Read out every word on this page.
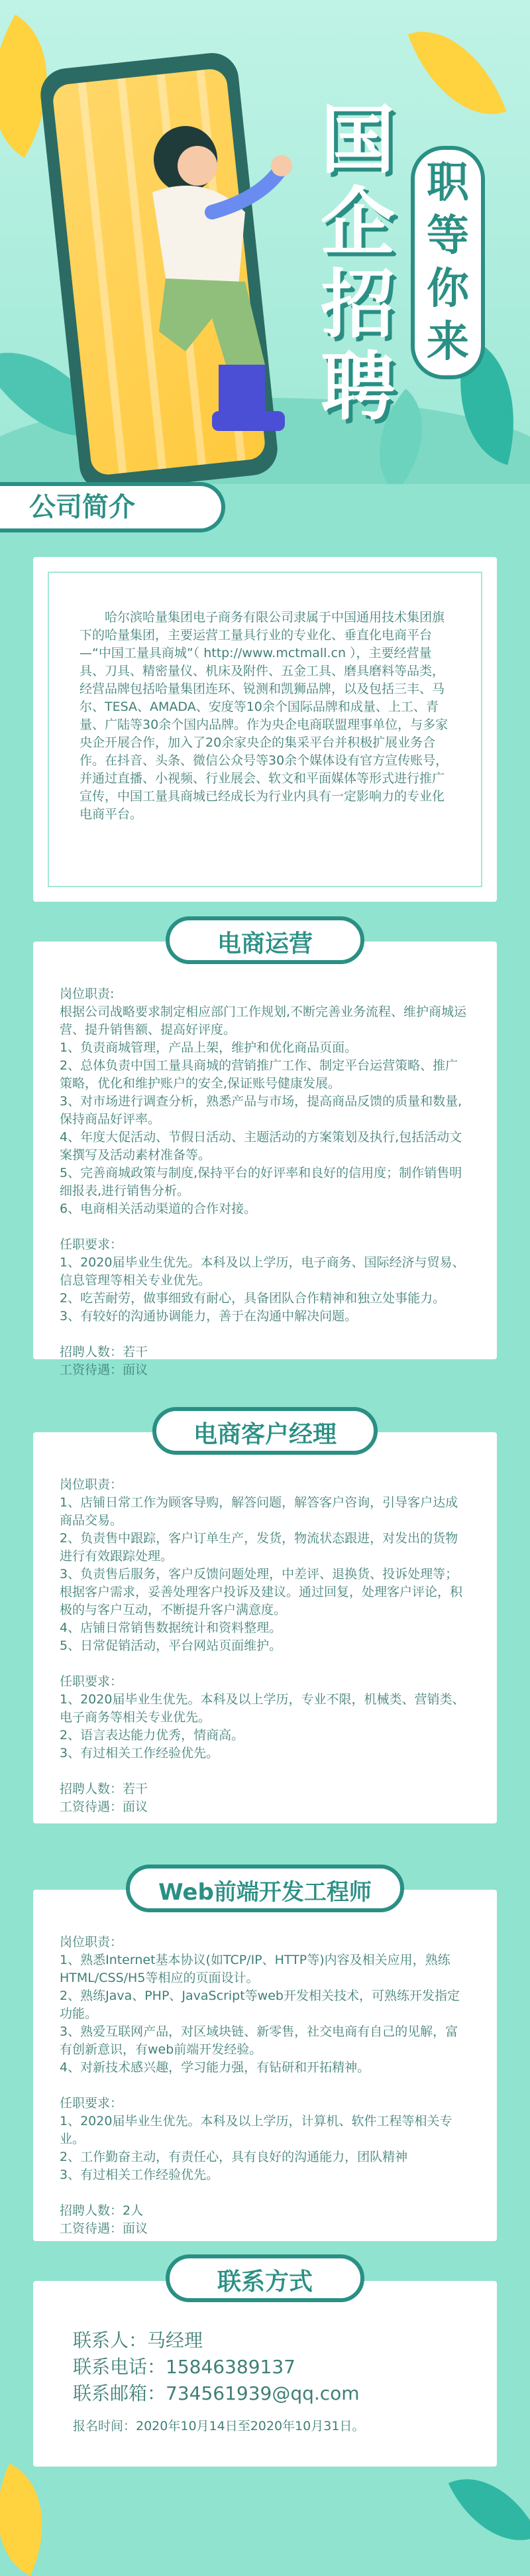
国
企
招
聘
职
等
你
来
公司简介
哈尔滨哈量集团电子商务有限公司隶属于中国通用技术集团旗下的哈量集团，主要运营工量具行业的专业化、垂直化电商平台—“中国工量具商城”（ http://www.mctmall.cn ），主要经营量具、刀具、精密量仪、机床及附件、五金工具、磨具磨料等品类，经营品牌包括哈量集团连环、锐测和凯狮品牌，以及包括三丰、马尔、TESA、AMADA、安度等10余个国际品牌和成量、上工、青量、广陆等30余个国内品牌。作为央企电商联盟理事单位，与多家央企开展合作，加入了20余家央企的集采平台并积极扩展业务合作。在抖音、头条、微信公众号等30余个媒体设有官方宣传账号，并通过直播、小视频、行业展会、软文和平面媒体等形式进行推广宣传，中国工量具商城已经成长为行业内具有一定影响力的专业化电商平台。
岗位职责:
根据公司战略要求制定相应部门工作规划,不断完善业务流程、维护商城运营、提升销售额、提高好评度。
1、负责商城管理，产品上架，维护和优化商品页面。
2、总体负责中国工量具商城的营销推广工作、制定平台运营策略、推广策略，优化和维护账户的安全,保证账号健康发展。
3、对市场进行调查分析，熟悉产品与市场，提高商品反馈的质量和数量,保持商品好评率。
4、年度大促活动、节假日活动、主题活动的方案策划及执行,包括活动文案撰写及活动素材准备等。
5、完善商城政策与制度,保持平台的好评率和良好的信用度；制作销售明细报表,进行销售分析。
6、电商相关活动渠道的合作对接。

任职要求：
1、2020届毕业生优先。本科及以上学历，电子商务、国际经济与贸易、信息管理等相关专业优先。
2、吃苦耐劳，做事细致有耐心，具备团队合作精神和独立处事能力。
3、有较好的沟通协调能力，善于在沟通中解决问题。

招聘人数：若干
工资待遇：面议
电商运营
岗位职责：
1、店铺日常工作为顾客导购，解答问题，解答客户咨询，引导客户达成商品交易。
2、负责售中跟踪，客户订单生产，发货，物流状态跟进，对发出的货物进行有效跟踪处理。
3、负责售后服务，客户反馈问题处理，中差评、退换货、投诉处理等；根据客户需求，妥善处理客户投诉及建议。通过回复，处理客户评论，积极的与客户互动，不断提升客户满意度。
4、店铺日常销售数据统计和资料整理。
5、日常促销活动，平台网站页面维护。

任职要求：
1、2020届毕业生优先。本科及以上学历，专业不限，机械类、营销类、电子商务等相关专业优先。
2、语言表达能力优秀，情商高。
3、有过相关工作经验优先。

招聘人数：若干
工资待遇：面议
电商客户经理
岗位职责：
1、熟悉Internet基本协议(如TCP/IP、HTTP等)内容及相关应用，熟练HTML/CSS/H5等相应的页面设计。
2、熟练Java、PHP、JavaScript等web开发相关技术，可熟练开发指定功能。
3、熟爱互联网产品，对区域块链、新零售，社交电商有自己的见解，富有创新意识，有web前端开发经验。
4、对新技术感兴趣，学习能力强，有钻研和开拓精神。

任职要求：
1、2020届毕业生优先。本科及以上学历，计算机、软件工程等相关专业。
2、工作勤奋主动，有责任心，具有良好的沟通能力，团队精神
3、有过相关工作经验优先。

招聘人数：2人
工资待遇：面议
Web前端开发工程师
联系人：马经理
联系电话：15846389137
联系邮箱：734561939@qq.com
报名时间：2020年10月14日至2020年10月31日。
联系方式
